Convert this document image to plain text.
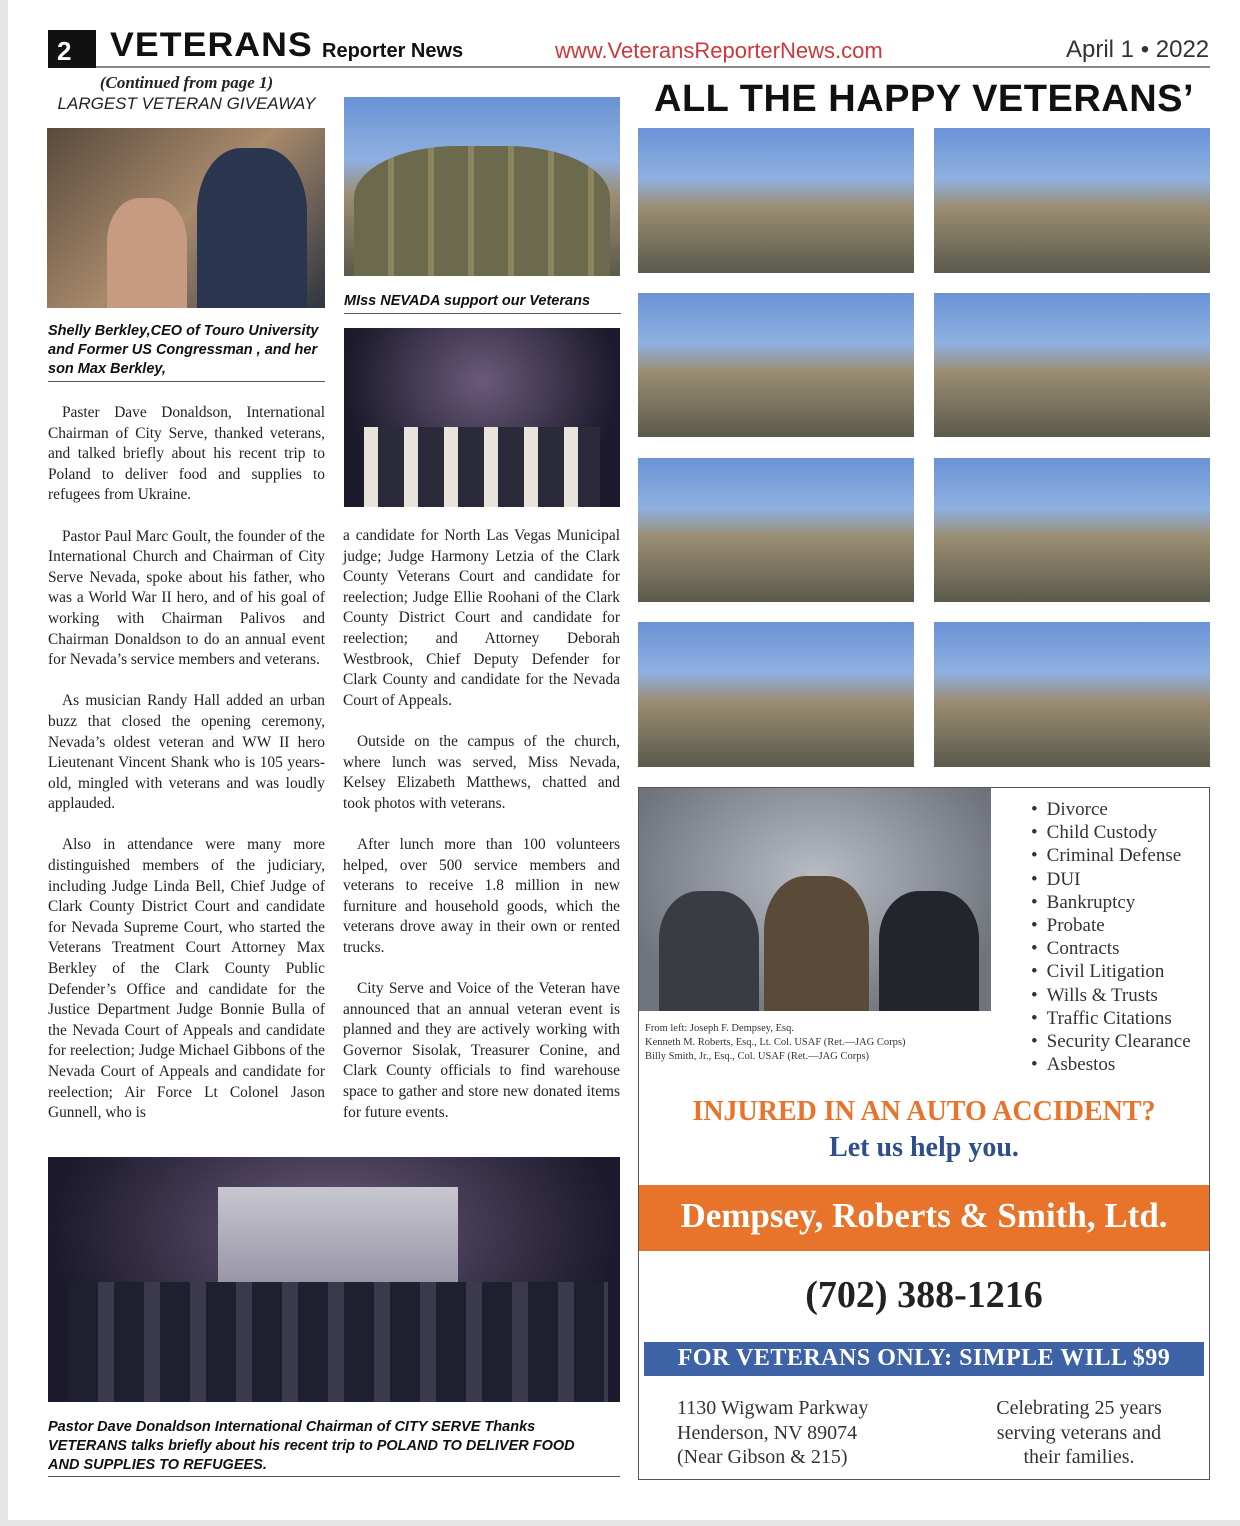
2	VETERANS Reporter News	www.VeteransReporterNews.com	April 1 • 2022
(Continued from page 1)
LARGEST VETERAN GIVEAWAY
Shelly Berkley,CEO of Touro University and Former US Congressman , and her son Max Berkley,
MIss NEVADA support our Veterans

Paster Dave Donaldson, International Chairman of City Serve, thanked veterans, and talked briefly about his recent trip to Poland to deliver food and supplies to refugees from Ukraine.

Pastor Paul Marc Goult, the founder of the International Church and Chairman of City Serve Nevada, spoke about his father, who was a World War II hero, and of his goal of working with Chairman Palivos and Chairman Donaldson to do an annual event for Nevada’s service members and veterans.

As musician Randy Hall added an urban buzz that closed the opening ceremony, Nevada’s oldest veteran and WW II hero Lieutenant Vincent Shank who is 105 years-old, mingled with veterans and was loudly applauded.

Also in attendance were many more distinguished members of the judiciary, including Judge Linda Bell, Chief Judge of Clark County District Court and candidate for Nevada Supreme Court, who started the Veterans Treatment Court Attorney Max Berkley of the Clark County Public Defender’s Office and candidate for the Justice Department Judge Bonnie Bulla of the Nevada Court of Appeals and candidate for reelection; Judge Michael Gibbons of the Nevada Court of Appeals and candidate for reelection; Air Force Lt Colonel Jason Gunnell, who is

a candidate for North Las Vegas Municipal judge; Judge Harmony Letzia of the Clark County Veterans Court and candidate for reelection; Judge Ellie Roohani of the Clark County District Court and candidate for reelection; and Attorney Deborah Westbrook, Chief Deputy Defender for Clark County and candidate for the Nevada Court of Appeals.

Outside on the campus of the church, where lunch was served, Miss Nevada, Kelsey Elizabeth Matthews, chatted and took photos with veterans.

After lunch more than 100 volunteers helped, over 500 service members and veterans to receive 1.8 million in new furniture and household goods, which the veterans drove away in their own or rented trucks.

City Serve and Voice of the Veteran have announced that an annual veteran event is planned and they are actively working with Governor Sisolak, Treasurer Conine, and Clark County officials to find warehouse space to gather and store new donated items for future events.

Pastor Dave Donaldson International Chairman of CITY SERVE Thanks VETERANS talks briefly about his recent trip to POLAND TO DELIVER FOOD AND SUPPLIES TO REFUGEES.
ALL THE HAPPY VETERANS’
• Divorce
• Child Custody
• Criminal Defense
• DUI
• Bankruptcy
• Probate
• Contracts
• Civil Litigation
• Wills & Trusts
• Traffic Citations
• Security Clearance
• Asbestos
From left: Joseph F. Dempsey, Esq.
Kenneth M. Roberts, Esq., Lt. Col. USAF (Ret.—JAG Corps)
Billy Smith, Jr., Esq., Col. USAF (Ret.—JAG Corps)
INJURED IN AN AUTO ACCIDENT?
Let us help you.
Dempsey, Roberts & Smith, Ltd.
(702) 388-1216
FOR VETERANS ONLY: SIMPLE WILL $99
1130 Wigwam Parkway
Henderson, NV 89074
(Near Gibson & 215)
Celebrating 25 years
serving veterans and
their families.
